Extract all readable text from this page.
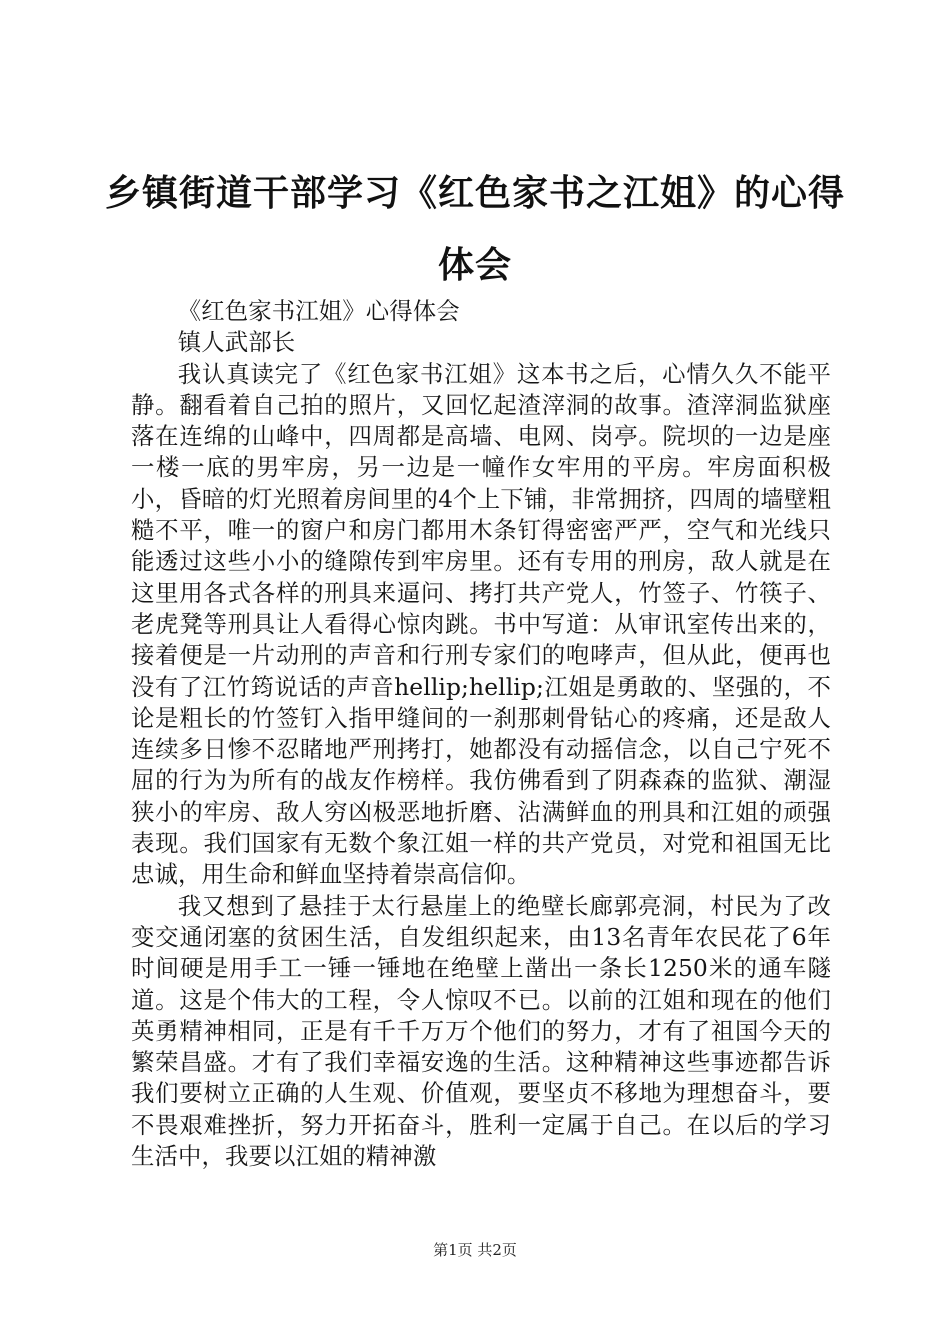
乡镇街道干部学习《红色家书之江姐》的心得体会

《红色家书江姐》心得体会

镇人武部长

我认真读完了《红色家书江姐》这本书之后，心情久久不能平静。翻看着自己拍的照片，又回忆起渣滓洞的故事。渣滓洞监狱座落在连绵的山峰中，四周都是高墙、电网、岗亭。院坝的一边是座一楼一底的男牢房，另一边是一幢作女牢用的平房。牢房面积极小，昏暗的灯光照着房间里的4个上下铺，非常拥挤，四周的墙壁粗糙不平，唯一的窗户和房门都用木条钉得密密严严，空气和光线只能透过这些小小的缝隙传到牢房里。还有专用的刑房，敌人就是在这里用各式各样的刑具来逼问、拷打共产党人，竹签子、竹筷子、老虎凳等刑具让人看得心惊肉跳。书中写道：从审讯室传出来的，接着便是一片动刑的声音和行刑专家们的咆哮声，但从此，便再也没有了江竹筠说话的声音hellip;hellip;江姐是勇敢的、坚强的，不论是粗长的竹签钉入指甲缝间的一刹那刺骨钻心的疼痛，还是敌人连续多日惨不忍睹地严刑拷打，她都没有动摇信念，以自己宁死不屈的行为为所有的战友作榜样。我仿佛看到了阴森森的监狱、潮湿狭小的牢房、敌人穷凶极恶地折磨、沾满鲜血的刑具和江姐的顽强表现。我们国家有无数个象江姐一样的共产党员，对党和祖国无比忠诚，用生命和鲜血坚持着崇高信仰。

我又想到了悬挂于太行悬崖上的绝壁长廊郭亮洞，村民为了改变交通闭塞的贫困生活，自发组织起来，由13名青年农民花了6年时间硬是用手工一锤一锤地在绝壁上凿出一条长1250米的通车隧道。这是个伟大的工程，令人惊叹不已。以前的江姐和现在的他们英勇精神相同，正是有千千万万个他们的努力，才有了祖国今天的繁荣昌盛。才有了我们幸福安逸的生活。这种精神这些事迹都告诉我们要树立正确的人生观、价值观，要坚贞不移地为理想奋斗，要不畏艰难挫折，努力开拓奋斗，胜利一定属于自己。在以后的学习生活中，我要以江姐的精神激

第1页 共2页
